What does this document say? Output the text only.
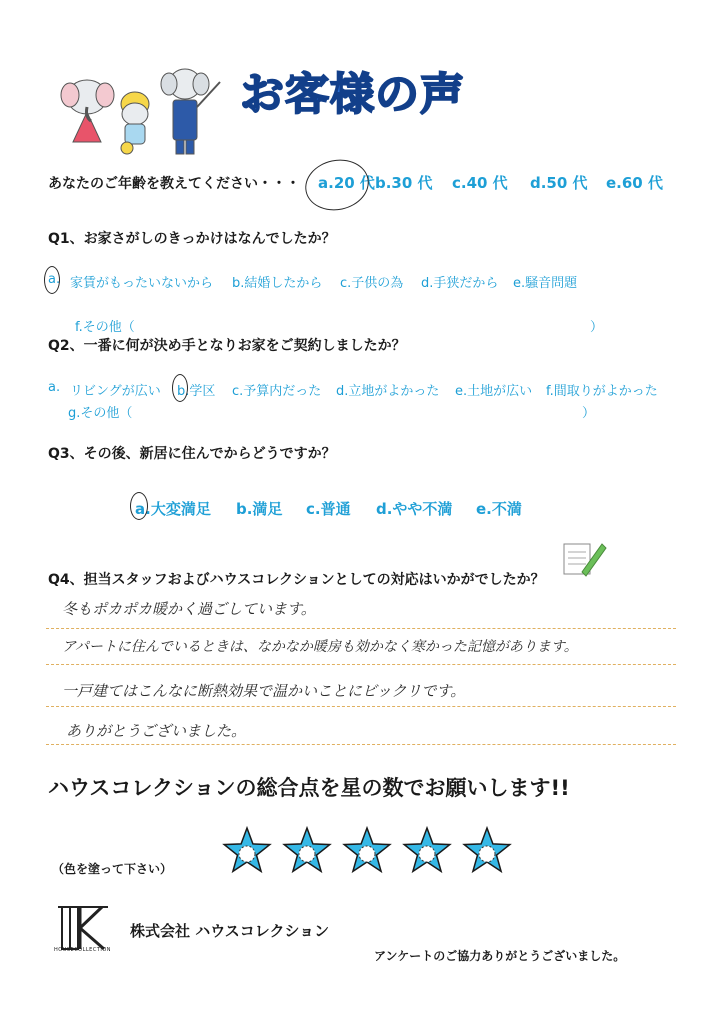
お客様の声
あなたのご年齢を教えてください・・・ a.20 代 b.30 代 c.40 代 d.50 代 e.60 代
Q1、お家さがしのきっかけはなんでしたか？
a. 家賃がもったいないから b.結婚したから c.子供の為 d.手狭だから e.騒音問題
f.その他（	）
Q2、一番に何が決め手となりお家をご契約しましたか？
a. リビングが広い b.学区 c.予算内だった d.立地がよかった e.土地が広い f.間取りがよかった
g.その他（	）
Q3、その後、新居に住んでからどうですか？
a.大変満足 b.満足 c.普通 d.やや不満 e.不満
Q4、担当スタッフおよびハウスコレクションとしての対応はいかがでしたか？
冬もポカポカ暖かく過ごしています。
アパートに住んでいるときは、なかなか暖房も効かなく寒かった記憶があります。
一戸建てはこんなに断熱効果で温かいことにビックリです。
ありがとうございました。
ハウスコレクションの総合点を星の数でお願いします!!
（色を塗って下さい）
HOUSECOLLECTION
株式会社 ハウスコレクション
アンケートのご協力ありがとうございました。
